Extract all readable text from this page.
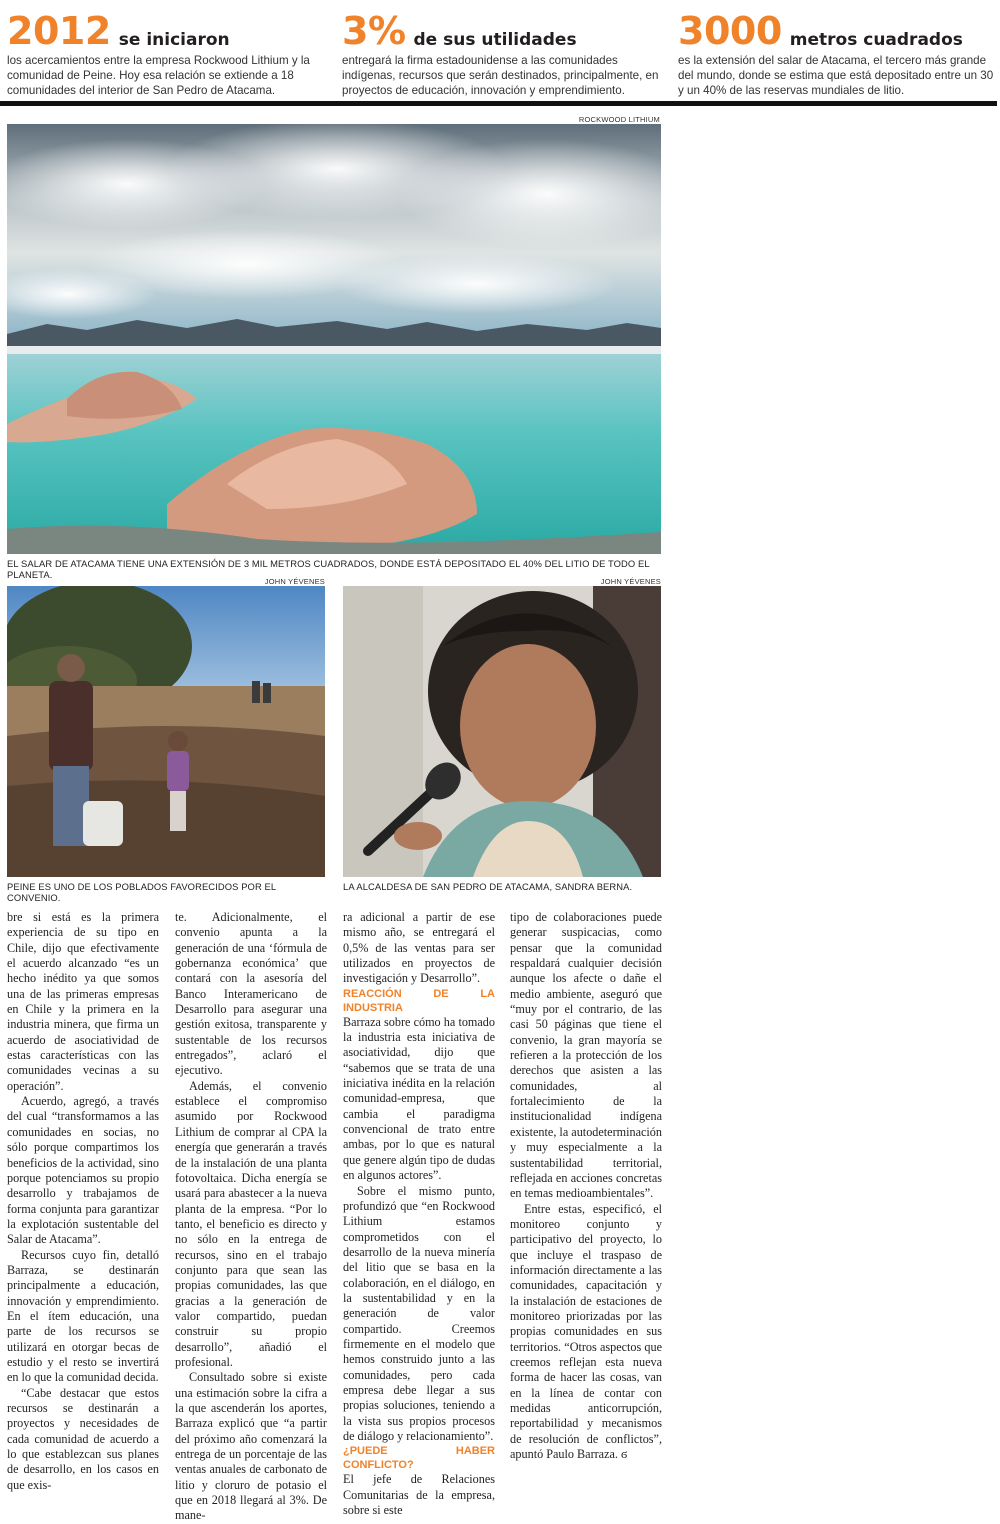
2012 se iniciaron
los acercamientos entre la empresa Rockwood Lithium y la comunidad de Peine. Hoy esa relación se extiende a 18 comunidades del interior de San Pedro de Atacama.
3% de sus utilidades
entregará la firma estadounidense a las comunidades indígenas, recursos que serán destinados, principalmente, en proyectos de educación, innovación y emprendimiento.
3000 metros cuadrados
es la extensión del salar de Atacama, el tercero más grande del mundo, donde se estima que está depositado entre un 30 y un 40% de las reservas mundiales de litio.
ROCKWOOD LITHIUM
EL SALAR DE ATACAMA TIENE UNA EXTENSIÓN DE 3 MIL METROS CUADRADOS, DONDE ESTÁ DEPOSITADO EL 40% DEL LITIO DE TODO EL PLANETA.
JOHN YÉVENES
PEINE ES UNO DE LOS POBLADOS FAVORECIDOS POR EL CONVENIO.
JOHN YÉVENES
LA ALCALDESA DE SAN PEDRO DE ATACAMA, SANDRA BERNA.

bre si está es la primera experiencia de su tipo en Chile, dijo que efectivamente el acuerdo alcanzado “es un hecho inédito ya que somos una de las primeras empresas en Chile y la primera en la industria minera, que firma un acuerdo de asociatividad de estas características con las comunidades vecinas a su operación”.

Acuerdo, agregó, a través del cual “transformamos a las comunidades en socias, no sólo porque compartimos los beneficios de la actividad, sino porque potenciamos su propio desarrollo y trabajamos de forma conjunta para garantizar la explotación sustentable del Salar de Atacama”.

Recursos cuyo fin, detalló Barraza, se destinarán principalmente a educación, innovación y emprendimiento. En el ítem educación, una parte de los recursos se utilizará en otorgar becas de estudio y el resto se invertirá en lo que la comunidad decida.

“Cabe destacar que estos recursos se destinarán a proyectos y necesidades de cada comunidad de acuerdo a lo que establezcan sus planes de desarrollo, en los casos en que exis-

te. Adicionalmente, el convenio apunta a la generación de una ‘fórmula de gobernanza económica’ que contará con la asesoría del Banco Interamericano de Desarrollo para asegurar una gestión exitosa, transparente y sustentable de los recursos entregados”, aclaró el ejecutivo.

Además, el convenio establece el compromiso asumido por Rockwood Lithium de comprar al CPA la energía que generarán a través de la instalación de una planta fotovoltaica. Dicha energía se usará para abastecer a la nueva planta de la empresa. “Por lo tanto, el beneficio es directo y no sólo en la entrega de recursos, sino en el trabajo conjunto para que sean las propias comunidades, las que gracias a la generación de valor compartido, puedan construir su propio desarrollo”, añadió el profesional.

Consultado sobre si existe una estimación sobre la cifra a la que ascenderán los aportes, Barraza explicó que “a partir del próximo año comenzará la entrega de un porcentaje de las ventas anuales de carbonato de litio y cloruro de potasio el que en 2018 llegará al 3%. De mane-

ra adicional a partir de ese mismo año, se entregará el 0,5% de las ventas para ser utilizados en proyectos de investigación y Desarrollo”.

REACCIÓN DE LA INDUSTRIA

Barraza sobre cómo ha tomado la industria esta iniciativa de asociatividad, dijo que “sabemos que se trata de una iniciativa inédita en la relación comunidad-empresa, que cambia el paradigma convencional de trato entre ambas, por lo que es natural que genere algún tipo de dudas en algunos actores”.

Sobre el mismo punto, profundizó que “en Rockwood Lithium estamos comprometidos con el desarrollo de la nueva minería del litio que se basa en la colaboración, en el diálogo, en la sustentabilidad y en la generación de valor compartido. Creemos firmemente en el modelo que hemos construido junto a las comunidades, pero cada empresa debe llegar a sus propias soluciones, teniendo a la vista sus propios procesos de diálogo y relacionamiento”.

¿PUEDE HABER CONFLICTO?

El jefe de Relaciones Comunitarias de la empresa, sobre si este

tipo de colaboraciones puede generar suspicacias, como pensar que la comunidad respaldará cualquier decisión aunque los afecte o dañe el medio ambiente, aseguró que “muy por el contrario, de las casi 50 páginas que tiene el convenio, la gran mayoría se refieren a la protección de los derechos que asisten a las comunidades, al fortalecimiento de la institucionalidad indígena existente, la autodeterminación y muy especialmente a la sustentabilidad territorial, reflejada en acciones concretas en temas medioambientales”.

Entre estas, especificó, el monitoreo conjunto y participativo del proyecto, lo que incluye el traspaso de información directamente a las comunidades, capacitación y la instalación de estaciones de monitoreo priorizadas por las propias comunidades en sus territorios. “Otros aspectos que creemos reflejan esta nueva forma de hacer las cosas, van en la línea de contar con medidas anticorrupción, reportabilidad y mecanismos de resolución de conflictos”, apuntó Paulo Barraza. ϭ
